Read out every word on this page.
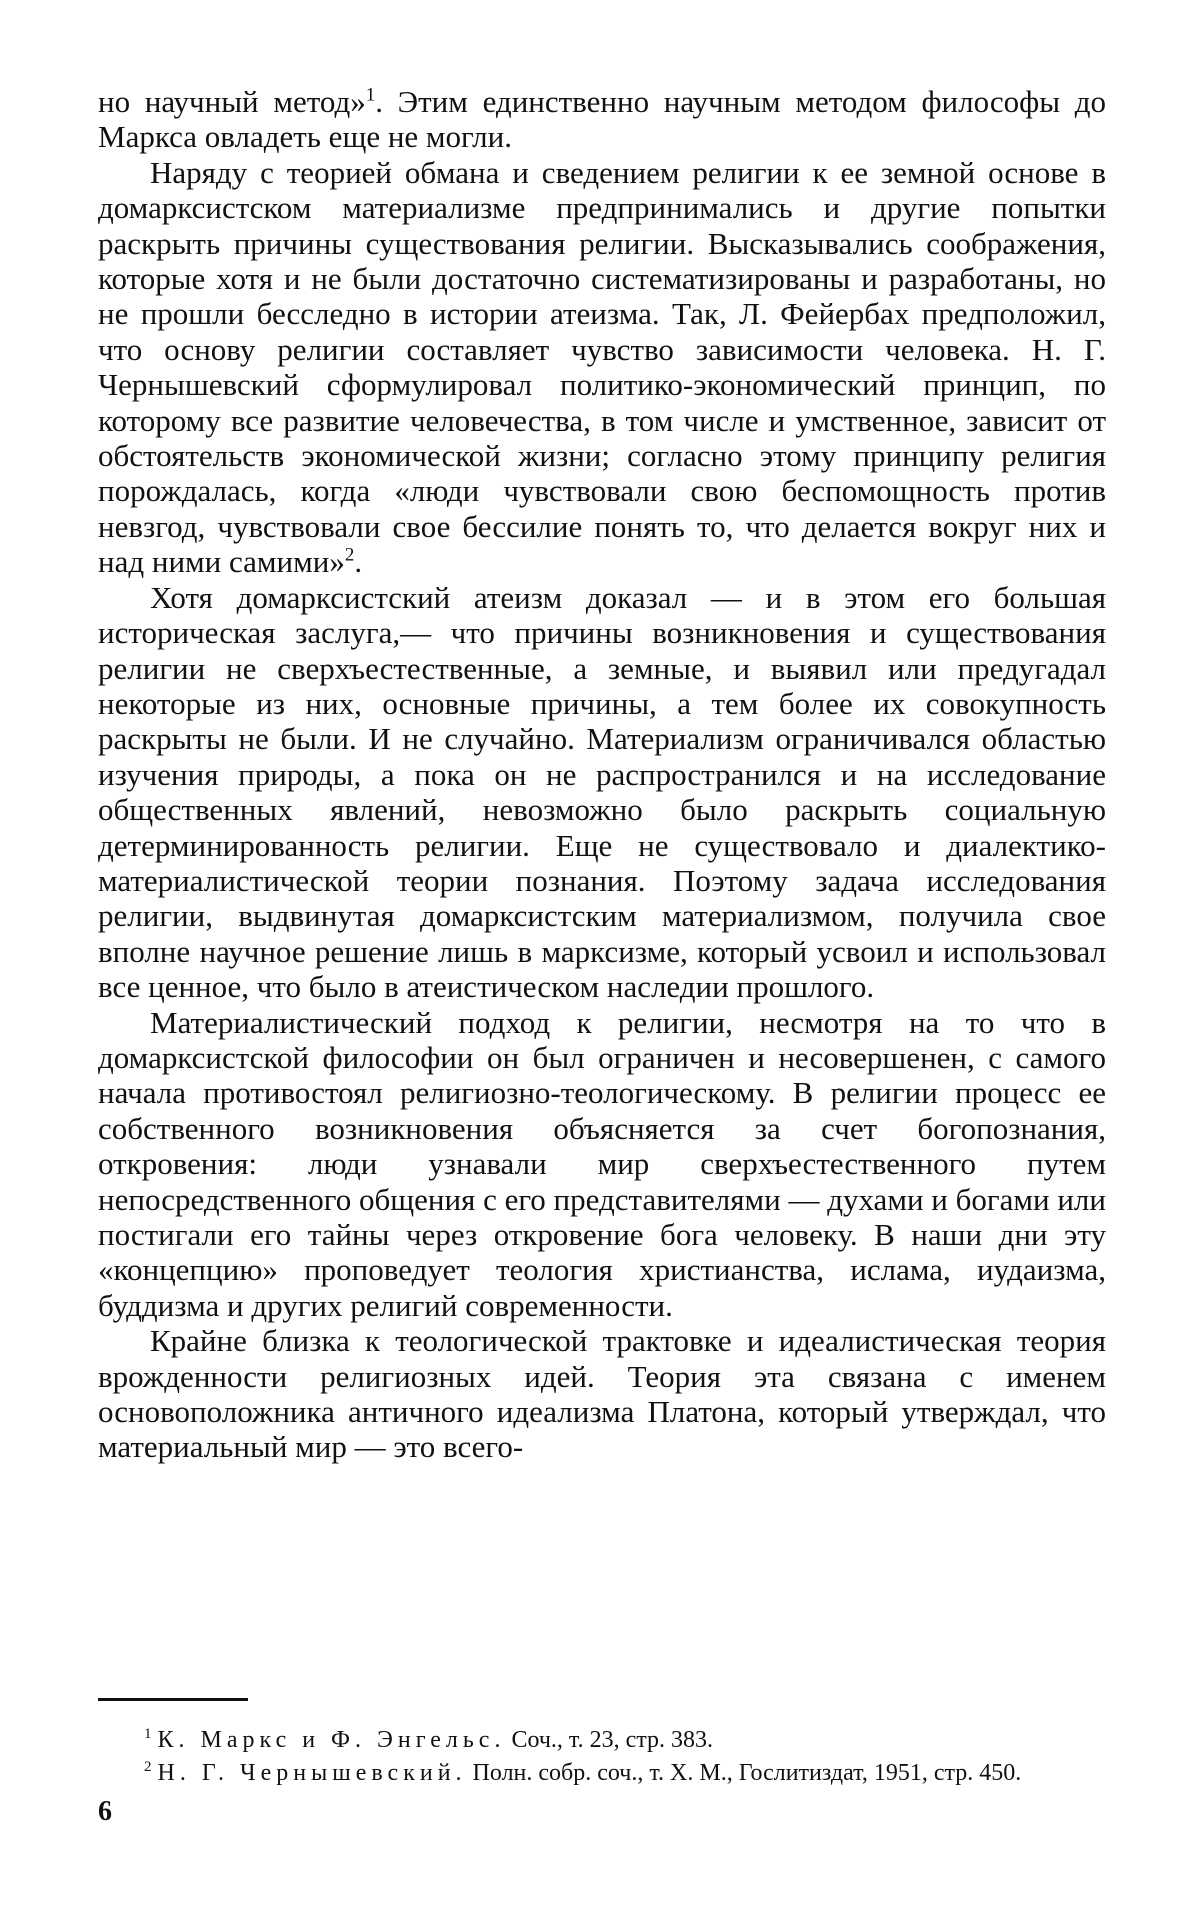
но научный метод»$^1$. Этим единственно научным методом философы до Маркса овладеть еще не могли.

Наряду с теорией обмана и сведением религии к ее земной основе в домарксистском материализме предпринимались и другие попытки раскрыть причины существования религии. Высказывались соображения, которые хотя и не были достаточно систематизированы и разработаны, но не прошли бесследно в истории атеизма. Так, Л. Фейербах предположил, что основу религии составляет чувство зависимости человека. Н. Г. Чернышевский сформулировал политико-экономический принцип, по которому все развитие человечества, в том числе и умственное, зависит от обстоятельств экономической жизни; согласно этому принципу религия порождалась, когда «люди чувствовали свою беспомощность против невзгод, чувствовали свое бессилие понять то, что делается вокруг них и над ними самими»$^2$.

Хотя домарксистский атеизм доказал — и в этом его большая историческая заслуга,— что причины возникновения и существования религии не сверхъестественные, а земные, и выявил или предугадал некоторые из них, основные причины, а тем более их совокупность раскрыты не были. И не случайно. Материализм ограничивался областью изучения природы, а пока он не распространился и на исследование общественных явлений, невозможно было раскрыть социальную детерминированность религии. Еще не существовало и диалектико-материалистической теории познания. Поэтому задача исследования религии, выдвинутая домарксистским материализмом, получила свое вполне научное решение лишь в марксизме, который усвоил и использовал все ценное, что было в атеистическом наследии прошлого.

Материалистический подход к религии, несмотря на то что в домарксистской философии он был ограничен и несовершенен, с самого начала противостоял религиозно-теологическому. В религии процесс ее собственного возникновения объясняется за счет богопознания, откровения: люди узнавали мир сверхъестественного путем непосредственного общения с его представителями — духами и богами или постигали его тайны через откровение бога человеку. В наши дни эту «концепцию» проповедует теология христианства, ислама, иудаизма, буддизма и других религий современности.

Крайне близка к теологической трактовке и идеалистическая теория врожденности религиозных идей. Теория эта связана с именем основоположника античного идеализма Платона, который утверждал, что материальный мир — это всего-

$^1$ К. Маркс и Ф. Энгельс. Соч., т. 23, стр. 383.

$^2$ Н. Г. Чернышевский. Полн. собр. соч., т. X. М., Гослитиздат, 1951, стр. 450.

6
